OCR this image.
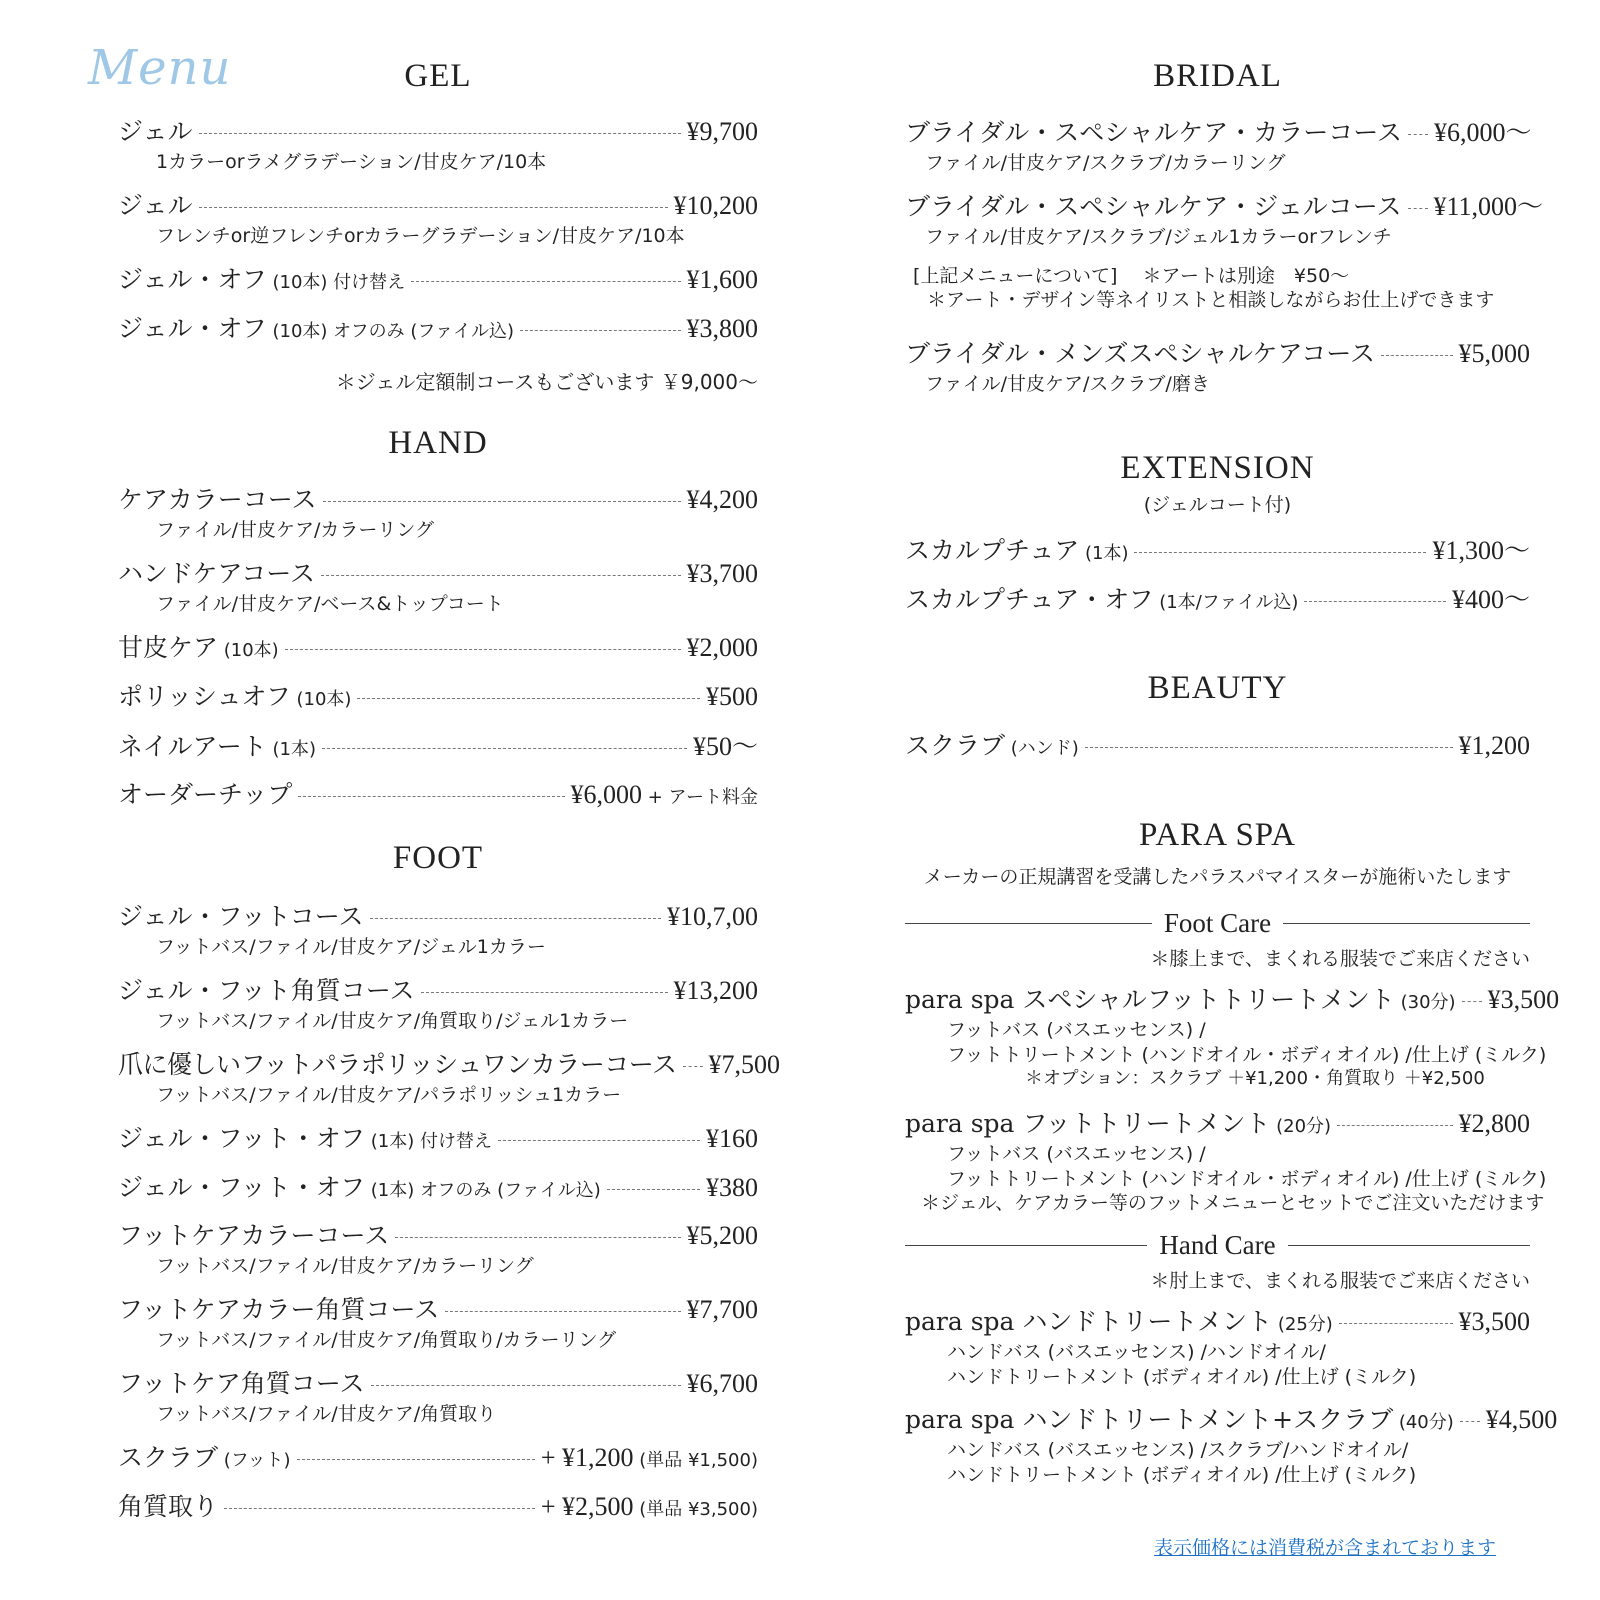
Menu	GEL
ジェル	¥9,700
1カラーorラメグラデーション/甘皮ケア/10本
ジェル	¥10,200
フレンチor逆フレンチorカラーグラデーション/甘皮ケア/10本
ジェル・オフ (10本) 付け替え	¥1,600
ジェル・オフ (10本) オフのみ (ファイル込)	¥3,800
＊ジェル定額制コースもございます ￥9,000〜
HAND
ケアカラーコース	¥4,200
ファイル/甘皮ケア/カラーリング
ハンドケアコース	¥3,700
ファイル/甘皮ケア/ベース&トップコート
甘皮ケア (10本)	¥2,000
ポリッシュオフ (10本)	¥500
ネイルアート (1本)	¥50〜
オーダーチップ	¥6,000 + アート料金
FOOT
ジェル・フットコース	¥10,7,00
フットバス/ファイル/甘皮ケア/ジェル1カラー
ジェル・フット角質コース	¥13,200
フットバス/ファイル/甘皮ケア/角質取り/ジェル1カラー
爪に優しいフットパラポリッシュワンカラーコース ¥7,500
フットバス/ファイル/甘皮ケア/パラポリッシュ1カラー
ジェル・フット・オフ (1本) 付け替え	¥160
ジェル・フット・オフ (1本) オフのみ (ファイル込)	¥380
フットケアカラーコース	¥5,200
フットバス/ファイル/甘皮ケア/カラーリング
フットケアカラー角質コース	¥7,700
フットバス/ファイル/甘皮ケア/角質取り/カラーリング
フットケア角質コース	¥6,700
フットバス/ファイル/甘皮ケア/角質取り
スクラブ (フット)	+ ¥1,200 (単品 ¥1,500)
角質取り	+ ¥2,500 (単品 ¥3,500)
BRIDAL
ブライダル・スペシャルケア・カラーコース ¥6,000〜
ファイル/甘皮ケア/スクラブ/カラーリング
ブライダル・スペシャルケア・ジェルコース ¥11,000〜
ファイル/甘皮ケア/スクラブ/ジェル1カラーorフレンチ
[上記メニューについて]　 ＊アートは別途　¥50〜
＊アート・デザイン等ネイリストと相談しながらお仕上げできます
ブライダル・メンズスペシャルケアコース	¥5,000
ファイル/甘皮ケア/スクラブ/磨き
EXTENSION
(ジェルコート付)
スカルプチュア (1本)	¥1,300〜
スカルプチュア・オフ (1本/ファイル込)	¥400〜
BEAUTY
スクラブ (ハンド)	¥1,200
PARA SPA
メーカーの正規講習を受講したパラスパマイスターが施術いたします
Foot Care
＊膝上まで、まくれる服装でご来店ください
para spa スペシャルフットトリートメント (30分) ¥3,500
フットバス (バスエッセンス) /
フットトリートメント (ハンドオイル・ボディオイル) /仕上げ (ミルク)
＊オプション：スクラブ ＋¥1,200・角質取り ＋¥2,500
para spa フットトリートメント (20分)	¥2,800
フットバス (バスエッセンス) /
フットトリートメント (ハンドオイル・ボディオイル) /仕上げ (ミルク)
＊ジェル、ケアカラー等のフットメニューとセットでご注文いただけます
Hand Care
＊肘上まで、まくれる服装でご来店ください
para spa ハンドトリートメント (25分)	¥3,500
ハンドバス (バスエッセンス) /ハンドオイル/
ハンドトリートメント (ボディオイル) /仕上げ (ミルク)
para spa ハンドトリートメント+スクラブ (40分) ¥4,500
ハンドバス (バスエッセンス) /スクラブ/ハンドオイル/
ハンドトリートメント (ボディオイル) /仕上げ (ミルク)
表示価格には消費税が含まれております
